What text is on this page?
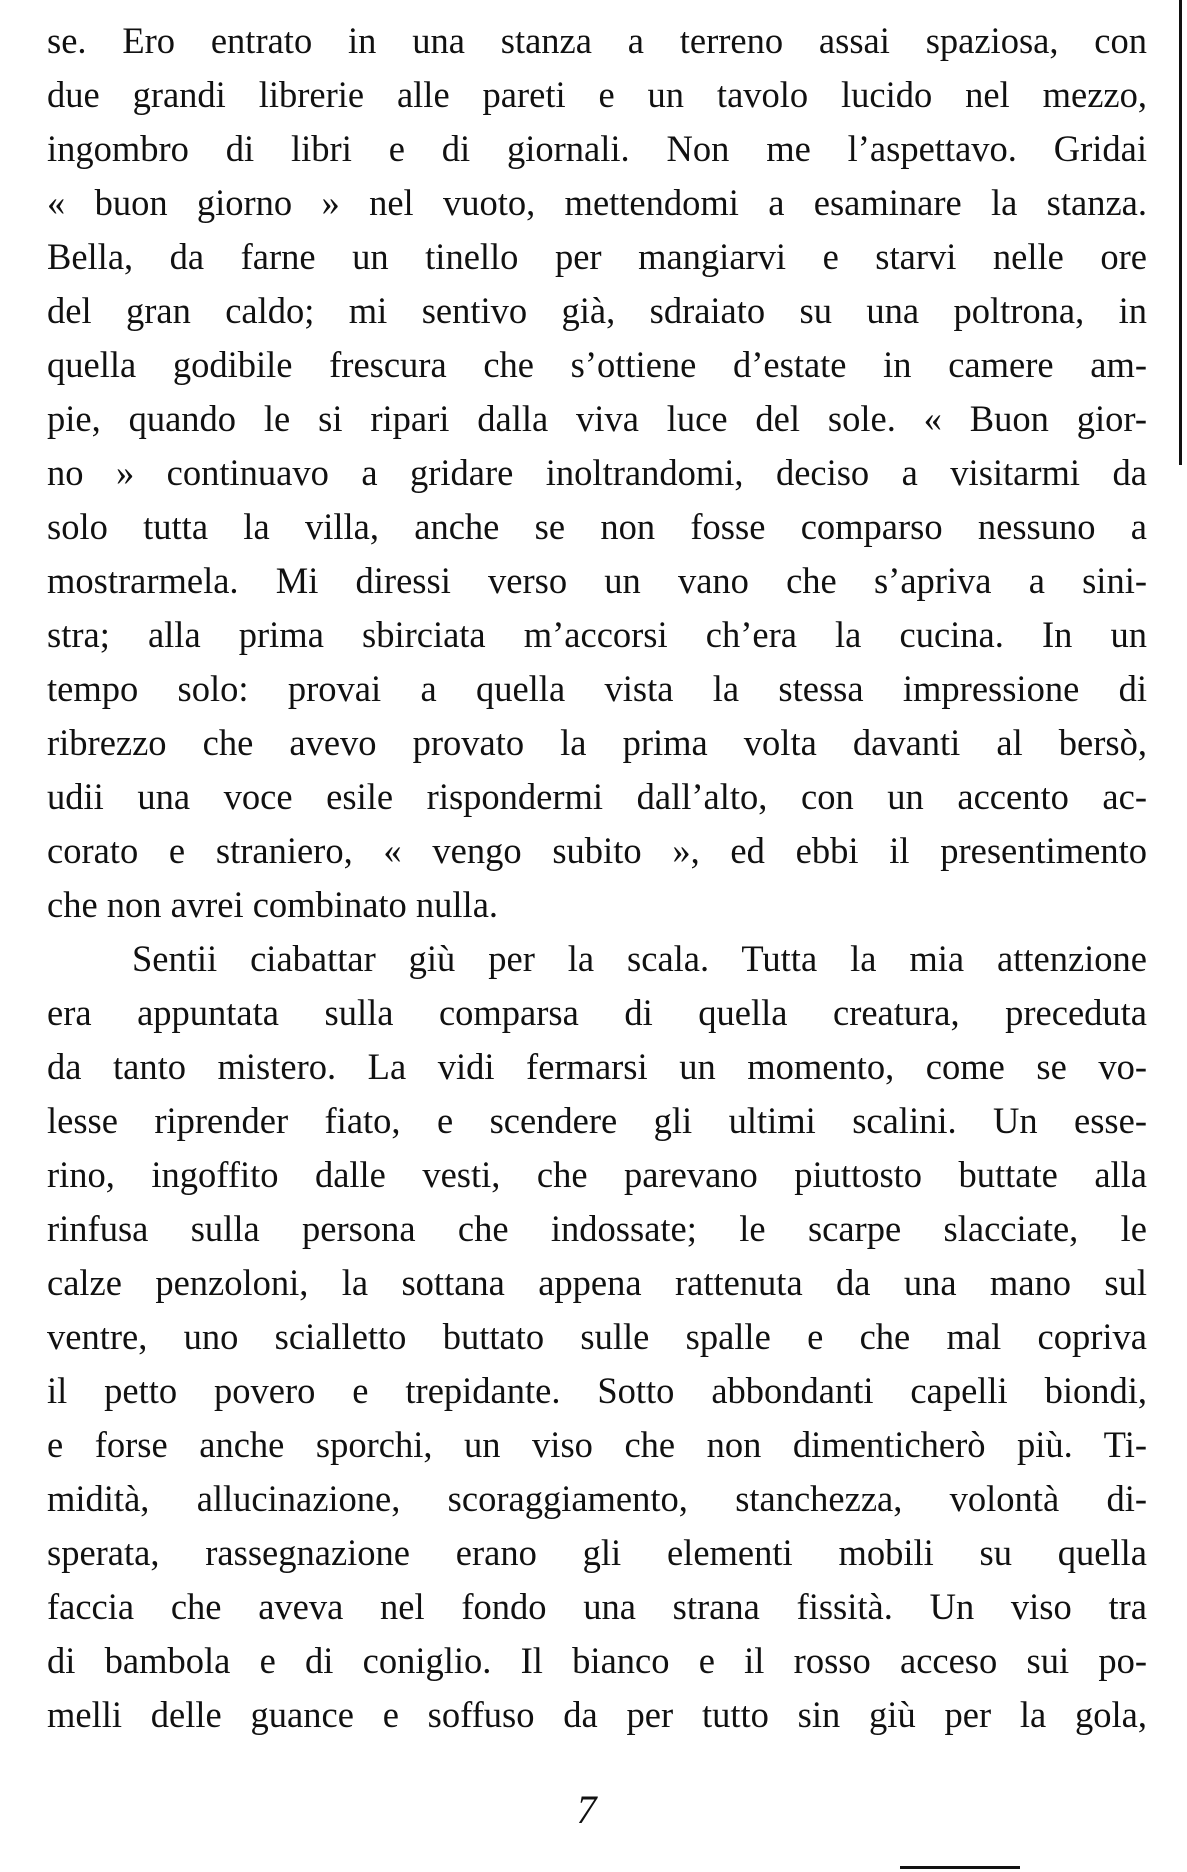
se. Ero entrato in una stanza a terreno assai spaziosa, con
due grandi librerie alle pareti e un tavolo lucido nel mezzo,
ingombro di libri e di giornali. Non me l’aspettavo. Gridai
« buon giorno » nel vuoto, mettendomi a esaminare la stanza.
Bella, da farne un tinello per mangiarvi e starvi nelle ore
del gran caldo; mi sentivo già, sdraiato su una poltrona, in
quella godibile frescura che s’ottiene d’estate in camere am-
pie, quando le si ripari dalla viva luce del sole. « Buon gior-
no » continuavo a gridare inoltrandomi, deciso a visitarmi da
solo tutta la villa, anche se non fosse comparso nessuno a
mostrarmela. Mi diressi verso un vano che s’apriva a sini-
stra; alla prima sbirciata m’accorsi ch’era la cucina. In un
tempo solo: provai a quella vista la stessa impressione di
ribrezzo che avevo provato la prima volta davanti al bersò,
udii una voce esile rispondermi dall’alto, con un accento ac-
corato e straniero, « vengo subito », ed ebbi il presentimento
che non avrei combinato nulla.
Sentii ciabattar giù per la scala. Tutta la mia attenzione
era appuntata sulla comparsa di quella creatura, preceduta
da tanto mistero. La vidi fermarsi un momento, come se vo-
lesse riprender fiato, e scendere gli ultimi scalini. Un esse-
rino, ingoffito dalle vesti, che parevano piuttosto buttate alla
rinfusa sulla persona che indossate; le scarpe slacciate, le
calze penzoloni, la sottana appena rattenuta da una mano sul
ventre, uno scialletto buttato sulle spalle e che mal copriva
il petto povero e trepidante. Sotto abbondanti capelli biondi,
e forse anche sporchi, un viso che non dimenticherò più. Ti-
midità, allucinazione, scoraggiamento, stanchezza, volontà di-
sperata, rassegnazione erano gli elementi mobili su quella
faccia che aveva nel fondo una strana fissità. Un viso tra
di bambola e di coniglio. Il bianco e il rosso acceso sui po-
melli delle guance e soffuso da per tutto sin giù per la gola,
7
